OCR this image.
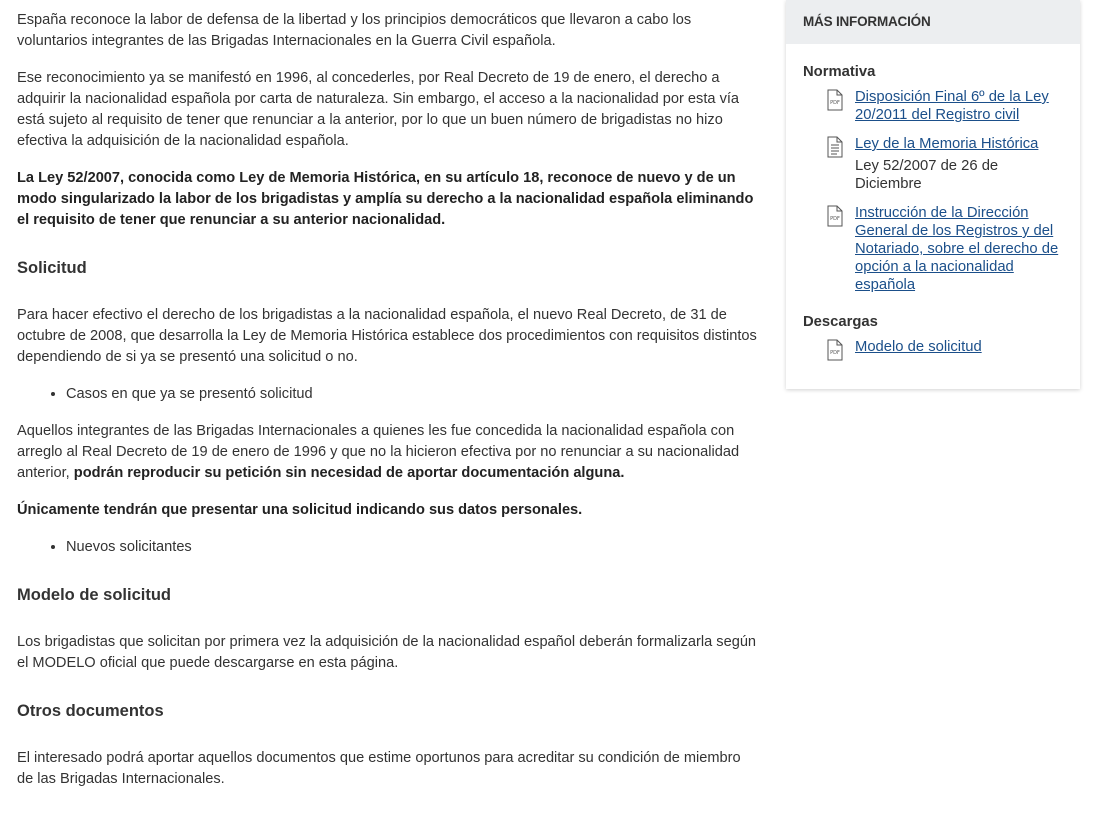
España reconoce la labor de defensa de la libertad y los principios democráticos que llevaron a cabo los voluntarios integrantes de las Brigadas Internacionales en la Guerra Civil española.

Ese reconocimiento ya se manifestó en 1996, al concederles, por Real Decreto de 19 de enero, el derecho a adquirir la nacionalidad española por carta de naturaleza. Sin embargo, el acceso a la nacionalidad por esta vía está sujeto al requisito de tener que renunciar a la anterior, por lo que un buen número de brigadistas no hizo efectiva la adquisición de la nacionalidad española.

La Ley 52/2007, conocida como Ley de Memoria Histórica, en su artículo 18, reconoce de nuevo y de un modo singularizado la labor de los brigadistas y amplía su derecho a la nacionalidad española eliminando el requisito de tener que renunciar a su anterior nacionalidad.

Solicitud

Para hacer efectivo el derecho de los brigadistas a la nacionalidad española, el nuevo Real Decreto, de 31 de octubre de 2008, que desarrolla la Ley de Memoria Histórica establece dos procedimientos con requisitos distintos dependiendo de si ya se presentó una solicitud o no.

• Casos en que ya se presentó solicitud

Aquellos integrantes de las Brigadas Internacionales a quienes les fue concedida la nacionalidad española con arreglo al Real Decreto de 19 de enero de 1996 y que no la hicieron efectiva por no renunciar a su nacionalidad anterior, podrán reproducir su petición sin necesidad de aportar documentación alguna.

Únicamente tendrán que presentar una solicitud indicando sus datos personales.

• Nuevos solicitantes
Modelo de solicitud

Los brigadistas que solicitan por primera vez la adquisición de la nacionalidad español deberán formalizarla según el MODELO oficial que puede descargarse en esta página.

Otros documentos

El interesado podrá aportar aquellos documentos que estime oportunos para acreditar su condición de miembro de las Brigadas Internacionales.

MÁS INFORMACIÓN
Normativa
PDF Disposición Final 6º de la Ley 20/2011 del Registro civil
Ley de la Memoria Histórica
Ley 52/2007 de 26 de Diciembre
PDF Instrucción de la Dirección General de los Registros y del Notariado, sobre el derecho de opción a la nacionalidad española
Descargas
PDF Modelo de solicitud
